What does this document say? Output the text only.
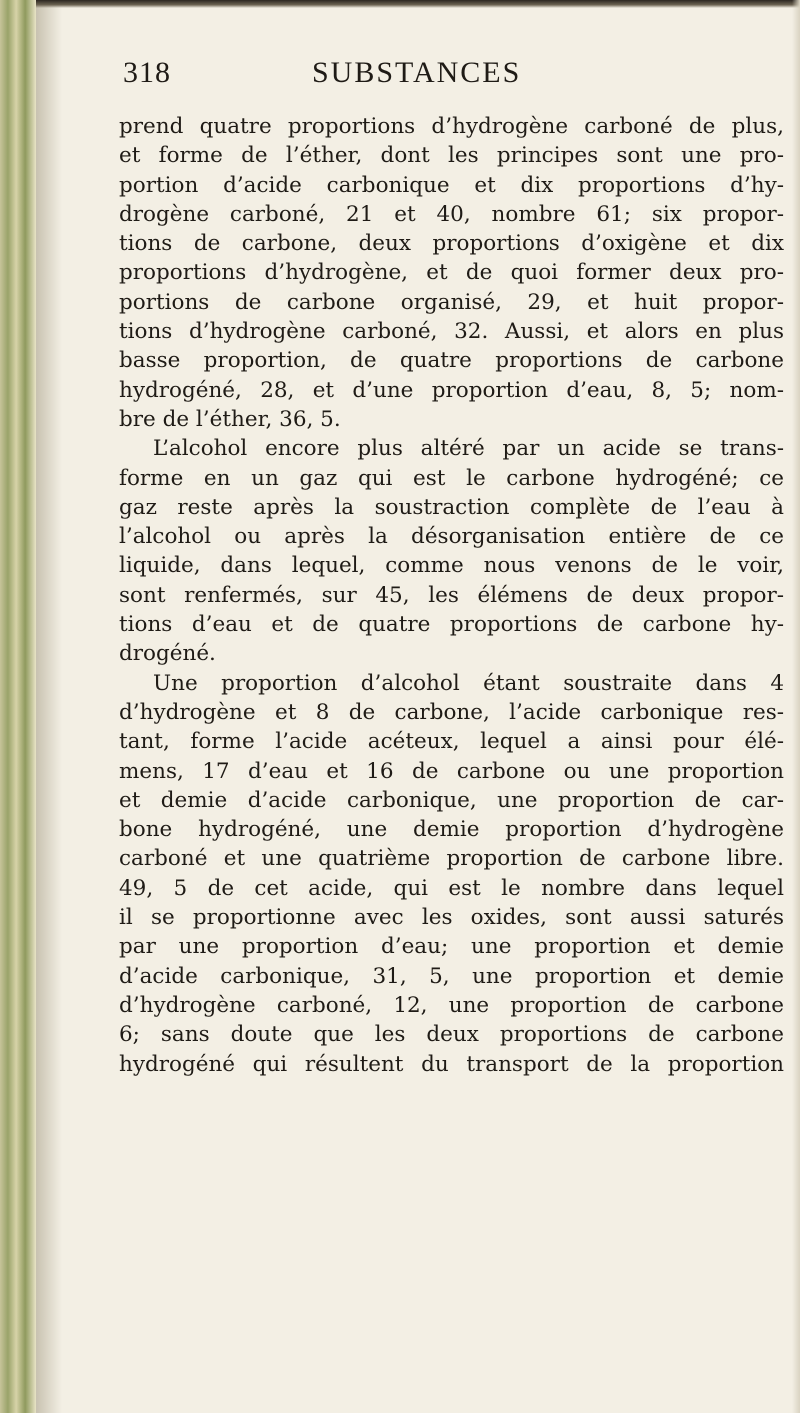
318	SUBSTANCES
prend quatre proportions d’hydrogène carboné de plus,
et forme de l’éther, dont les principes sont une pro-
portion d’acide carbonique et dix proportions d’hy-
drogène carboné, 21 et 40, nombre 61; six propor-
tions de carbone, deux proportions d’oxigène et dix
proportions d’hydrogène, et de quoi former deux pro-
portions de carbone organisé, 29, et huit propor-
tions d’hydrogène carboné, 32. Aussi, et alors en plus
basse proportion, de quatre proportions de carbone
hydrogéné, 28, et d’une proportion d’eau, 8, 5; nom-
bre de l’éther, 36, 5.
L’alcohol encore plus altéré par un acide se trans-
forme en un gaz qui est le carbone hydrogéné; ce
gaz reste après la soustraction complète de l’eau à
l’alcohol ou après la désorganisation entière de ce
liquide, dans lequel, comme nous venons de le voir,
sont renfermés, sur 45, les élémens de deux propor-
tions d’eau et de quatre proportions de carbone hy-
drogéné.
Une proportion d’alcohol étant soustraite dans 4
d’hydrogène et 8 de carbone, l’acide carbonique res-
tant, forme l’acide acéteux, lequel a ainsi pour élé-
mens, 17 d’eau et 16 de carbone ou une proportion
et demie d’acide carbonique, une proportion de car-
bone hydrogéné, une demie proportion d’hydrogène
carboné et une quatrième proportion de carbone libre.
49, 5 de cet acide, qui est le nombre dans lequel
il se proportionne avec les oxides, sont aussi saturés
par une proportion d’eau; une proportion et demie
d’acide carbonique, 31, 5, une proportion et demie
d’hydrogène carboné, 12, une proportion de carbone
6; sans doute que les deux proportions de carbone
hydrogéné qui résultent du transport de la proportion
